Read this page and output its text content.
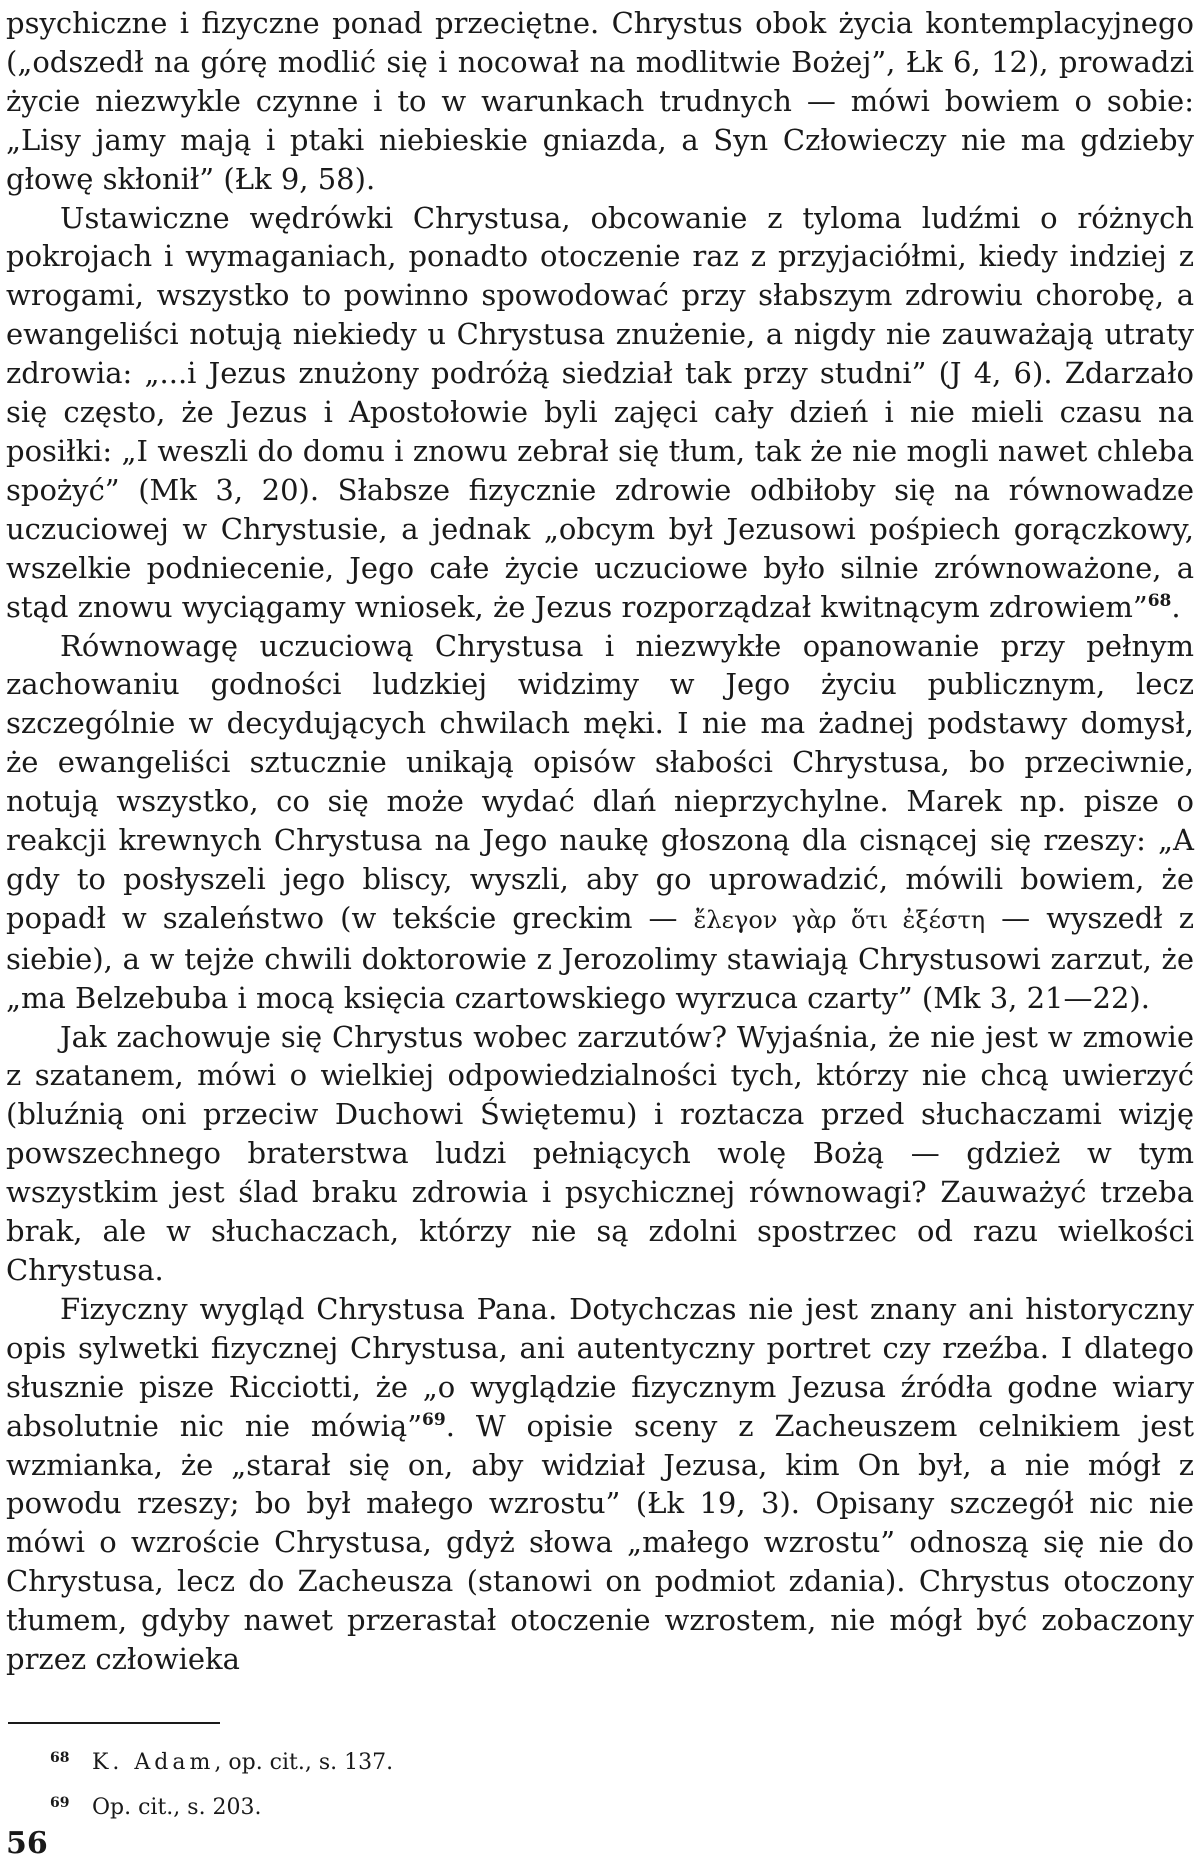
psychiczne i fizyczne ponad przeciętne. Chrystus obok życia kontemplacyjnego („odszedł na górę modlić się i nocował na modlitwie Bożej”, Łk 6, 12), prowadzi życie niezwykle czynne i to w warunkach trudnych — mówi bowiem o sobie: „Lisy jamy mają i ptaki niebieskie gniazda, a Syn Człowieczy nie ma gdzieby głowę skłonił” (Łk 9, 58).

Ustawiczne wędrówki Chrystusa, obcowanie z tyloma ludźmi o różnych pokrojach i wymaganiach, ponadto otoczenie raz z przyjaciółmi, kiedy indziej z wrogami, wszystko to powinno spowodować przy słabszym zdrowiu chorobę, a ewangeliści notują niekiedy u Chrystusa znużenie, a nigdy nie zauważają utraty zdrowia: „...i Jezus znużony podróżą siedział tak przy studni” (J 4, 6). Zdarzało się często, że Jezus i Apostołowie byli zajęci cały dzień i nie mieli czasu na posiłki: „I weszli do domu i znowu zebrał się tłum, tak że nie mogli nawet chleba spożyć” (Mk 3, 20). Słabsze fizycznie zdrowie odbiłoby się na równowadze uczuciowej w Chrystusie, a jednak „obcym był Jezusowi pośpiech gorączkowy, wszelkie podniecenie, Jego całe życie uczuciowe było silnie zrównoważone, a stąd znowu wyciągamy wniosek, że Jezus rozporządzał kwitnącym zdrowiem”$^{68}$.

Równowagę uczuciową Chrystusa i niezwykłe opanowanie przy pełnym zachowaniu godności ludzkiej widzimy w Jego życiu publicznym, lecz szczególnie w decydujących chwilach męki. I nie ma żadnej podstawy domysł, że ewangeliści sztucznie unikają opisów słabości Chrystusa, bo przeciwnie, notują wszystko, co się może wydać dlań nieprzychylne. Marek np. pisze o reakcji krewnych Chrystusa na Jego naukę głoszoną dla cisnącej się rzeszy: „A gdy to posłyszeli jego bliscy, wyszli, aby go uprowadzić, mówili bowiem, że popadł w szaleństwo (w tekście greckim — ἔλεγον γὰρ ὅτι ἐξέστη — wyszedł z siebie), a w tejże chwili doktorowie z Jerozolimy stawiają Chrystusowi zarzut, że „ma Belzebuba i mocą księcia czartowskiego wyrzuca czarty” (Mk 3, 21—22).

Jak zachowuje się Chrystus wobec zarzutów? Wyjaśnia, że nie jest w zmowie z szatanem, mówi o wielkiej odpowiedzialności tych, którzy nie chcą uwierzyć (bluźnią oni przeciw Duchowi Świętemu) i roztacza przed słuchaczami wizję powszechnego braterstwa ludzi pełniących wolę Bożą — gdzież w tym wszystkim jest ślad braku zdrowia i psychicznej równowagi? Zauważyć trzeba brak, ale w słuchaczach, którzy nie są zdolni spostrzec od razu wielkości Chrystusa.

Fizyczny wygląd Chrystusa Pana. Dotychczas nie jest znany ani historyczny opis sylwetki fizycznej Chrystusa, ani autentyczny portret czy rzeźba. I dlatego słusznie pisze Ricciotti, że „o wyglądzie fizycznym Jezusa źródła godne wiary absolutnie nic nie mówią”$^{69}$. W opisie sceny z Zacheuszem celnikiem jest wzmianka, że „starał się on, aby widział Jezusa, kim On był, a nie mógł z powodu rzeszy; bo był małego wzrostu” (Łk 19, 3). Opisany szczegół nic nie mówi o wzroście Chrystusa, gdyż słowa „małego wzrostu” odnoszą się nie do Chrystusa, lecz do Zacheusza (stanowi on podmiot zdania). Chrystus otoczony tłumem, gdyby nawet przerastał otoczenie wzrostem, nie mógł być zobaczony przez człowieka

68 K. Adam, op. cit., s. 137.
69 Op. cit., s. 203.
56
